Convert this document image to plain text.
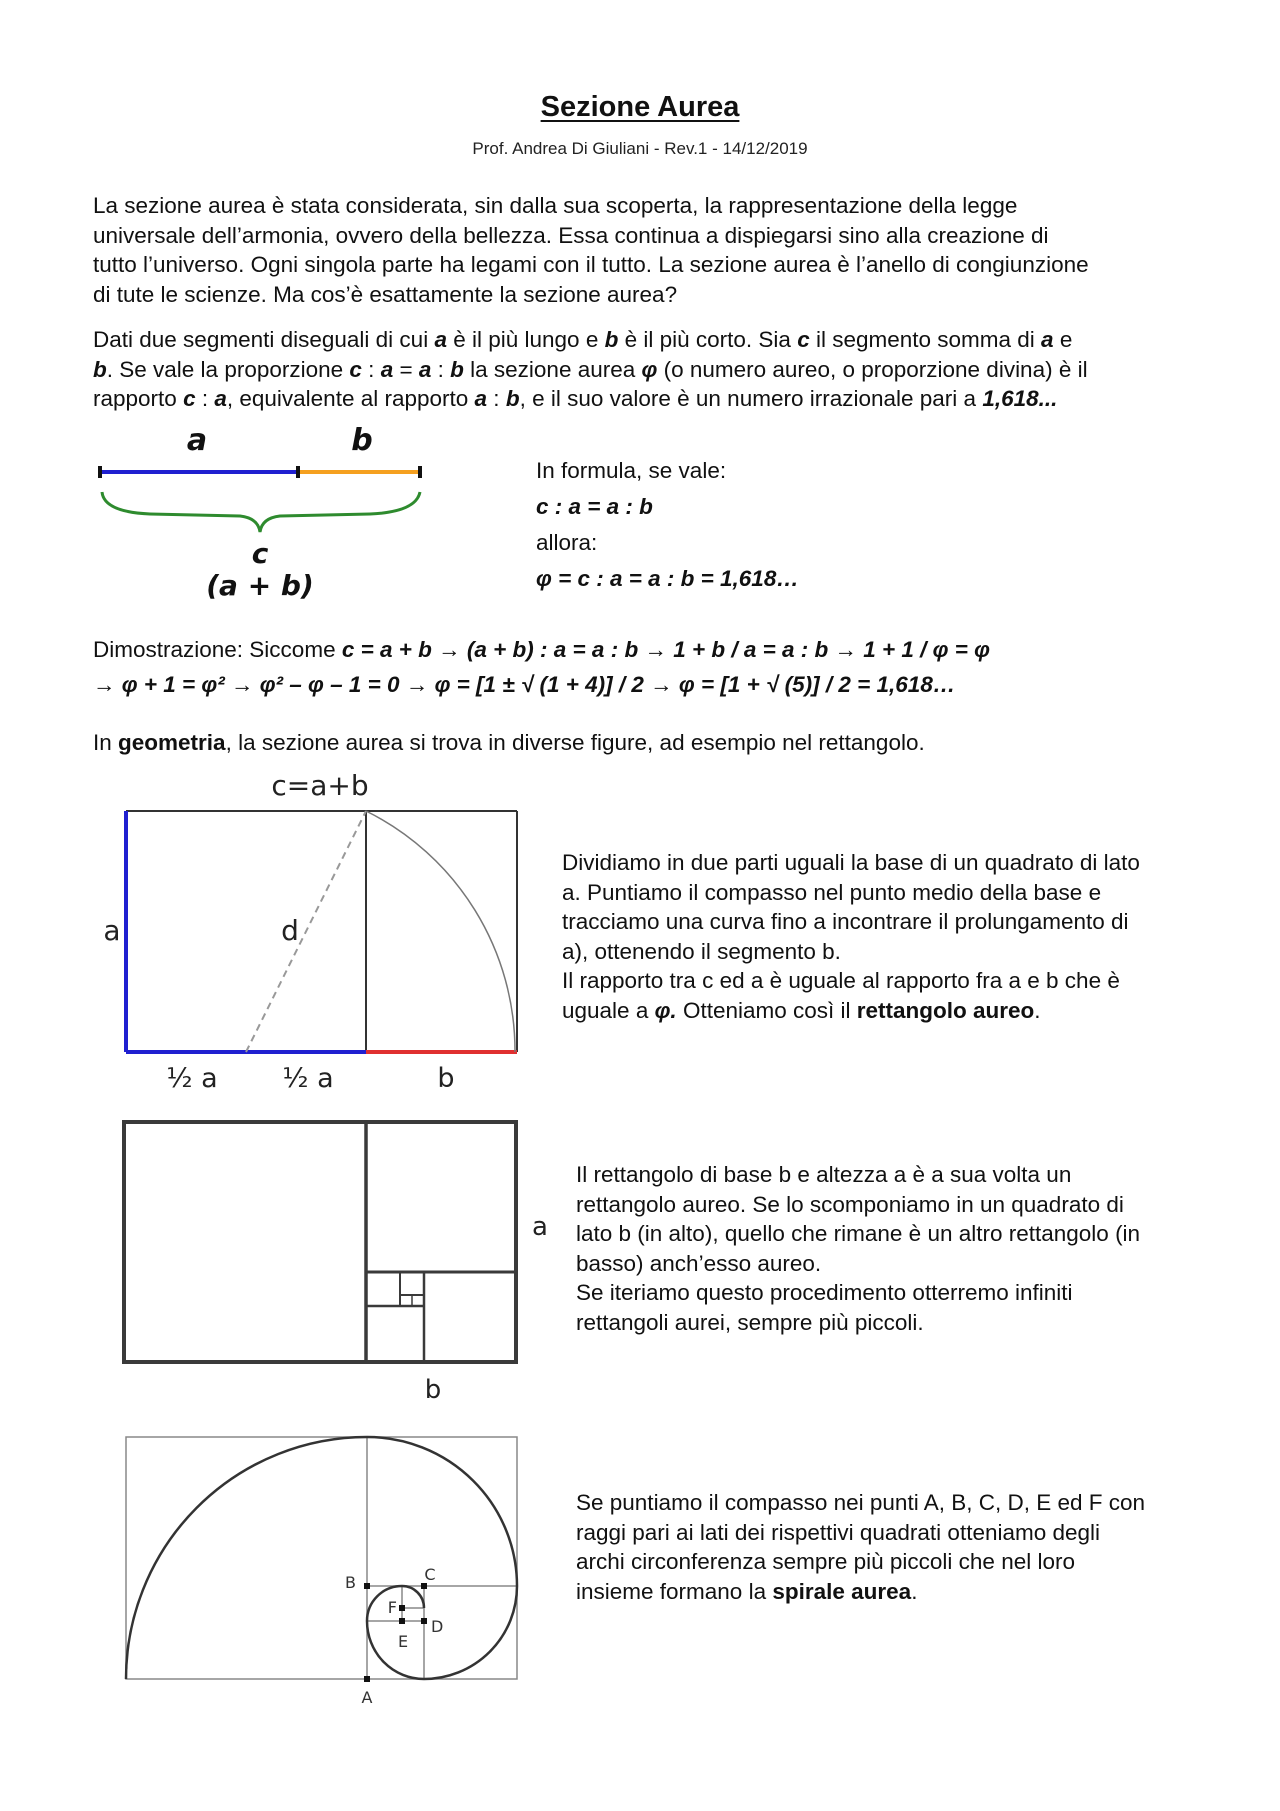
Sezione Aurea
Prof. Andrea Di Giuliani - Rev.1 - 14/12/2019
La sezione aurea è stata considerata, sin dalla sua scoperta, la rappresentazione della legge
universale dell’armonia, ovvero della bellezza. Essa continua a dispiegarsi sino alla creazione di
tutto l’universo. Ogni singola parte ha legami con il tutto. La sezione aurea è l’anello di congiunzione
di tute le scienze. Ma cos’è esattamente la sezione aurea?
Dati due segmenti diseguali di cui a è il più lungo e b è il più corto. Sia c il segmento somma di a e
b. Se vale la proporzione c : a = a : b la sezione aurea φ (o numero aureo, o proporzione divina) è il
rapporto c : a, equivalente al rapporto a : b, e il suo valore è un numero irrazionale pari a 1,618...
a	b
c
(a + b)
In formula, se vale:
c : a = a : b
allora:
φ = c : a = a : b = 1,618…
Dimostrazione: Siccome c = a + b → (a + b) : a = a : b → 1 + b / a = a : b → 1 + 1 / φ = φ
→ φ + 1 = φ² → φ² – φ – 1 = 0 → φ = [1 ± √ (1 + 4)] / 2 → φ = [1 + √ (5)] / 2 = 1,618…
In geometria, la sezione aurea si trova in diverse figure, ad esempio nel rettangolo.
c=a+b
a	d
½ a ½ a	b
Dividiamo in due parti uguali la base di un quadrato di lato
a. Puntiamo il compasso nel punto medio della base e
tracciamo una curva fino a incontrare il prolungamento di
a), ottenendo il segmento b.
Il rapporto tra c ed a è uguale al rapporto fra a e b che è
uguale a φ. Otteniamo così il rettangolo aureo.
a
b
Il rettangolo di base b e altezza a è a sua volta un
rettangolo aureo. Se lo scomponiamo in un quadrato di
lato b (in alto), quello che rimane è un altro rettangolo (in
basso) anch’esso aureo.
Se iteriamo questo procedimento otterremo infiniti
rettangoli aurei, sempre più piccoli.
A
B	C
D
E
F
Se puntiamo il compasso nei punti A, B, C, D, E ed F con
raggi pari ai lati dei rispettivi quadrati otteniamo degli
archi circonferenza sempre più piccoli che nel loro
insieme formano la spirale aurea.
